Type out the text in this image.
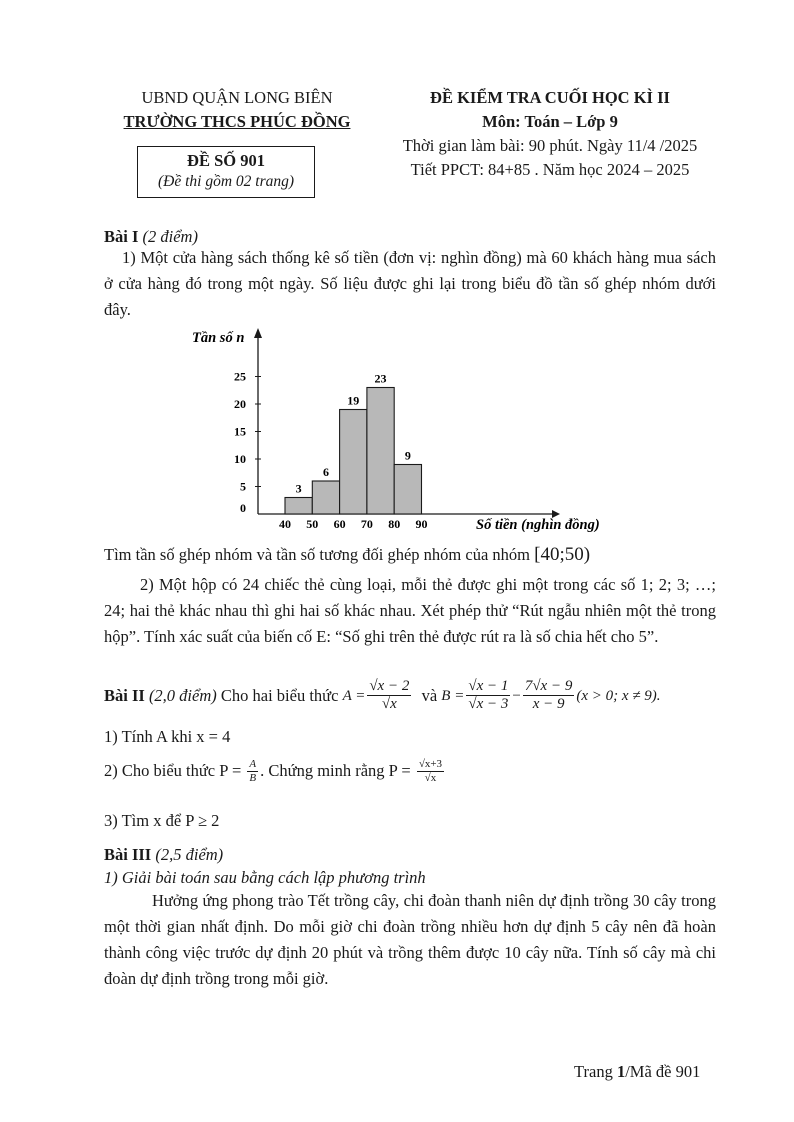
UBND QUẬN LONG BIÊN
TRƯỜNG THCS PHÚC ĐỒNG
ĐỀ SỐ 901
(Đề thi gồm 02 trang)
ĐỀ KIỂM TRA CUỐI HỌC KÌ II
Môn: Toán – Lớp 9
Thời gian làm bài: 90 phút. Ngày 11/4 /2025
Tiết PPCT: 84+85 . Năm học 2024 – 2025
Bài I (2 điểm)
1) Một cửa hàng sách thống kê số tiền (đơn vị: nghìn đồng) mà 60 khách hàng mua sách ở cửa hàng đó trong một ngày. Số liệu được ghi lại trong biểu đồ tần số ghép nhóm dưới đây.
0
5
10
15
20
25
40 50 60 70 80 90
3
6
19
23
9
Tần số n
Số tiền (nghìn đồng)
Tìm tần số ghép nhóm và tần số tương đối ghép nhóm của nhóm [40;50)
2) Một hộp có 24 chiếc thẻ cùng loại, mỗi thẻ được ghi một trong các số 1; 2; 3; …; 24; hai thẻ khác nhau thì ghi hai số khác nhau. Xét phép thử “Rút ngẫu nhiên một thẻ trong hộp”. Tính xác suất của biến cố E: “Số ghi trên thẻ được rút ra là số chia hết cho 5”.
Bài II
(2,0 điểm)
Cho hai biểu thức
$A = \frac{√x - 2}{√x}$
và
$B = \frac{√x - 1}{√x - 3} - \frac{7√x - 9}{x - 9} (x > 0$; x ≠ 9).
1) Tính A khi x = 4
2) Cho biểu thức P =
$\frac{A}{B}$ . Chứng minh rằng P =
$\frac{√x+3}{√x}$
3) Tìm x để P ≥ 2
Bài III (2,5 điểm)
1) Giải bài toán sau bằng cách lập phương trình
Hưởng ứng phong trào Tết trồng cây, chi đoàn thanh niên dự định trồng 30 cây trong một thời gian nhất định. Do mỗi giờ chi đoàn trồng nhiều hơn dự định 5 cây nên đã hoàn thành công việc trước dự định 20 phút và trồng thêm được 10 cây nữa. Tính số cây mà chi đoàn dự định trồng trong mỗi giờ.
Trang 1/Mã đề 901
